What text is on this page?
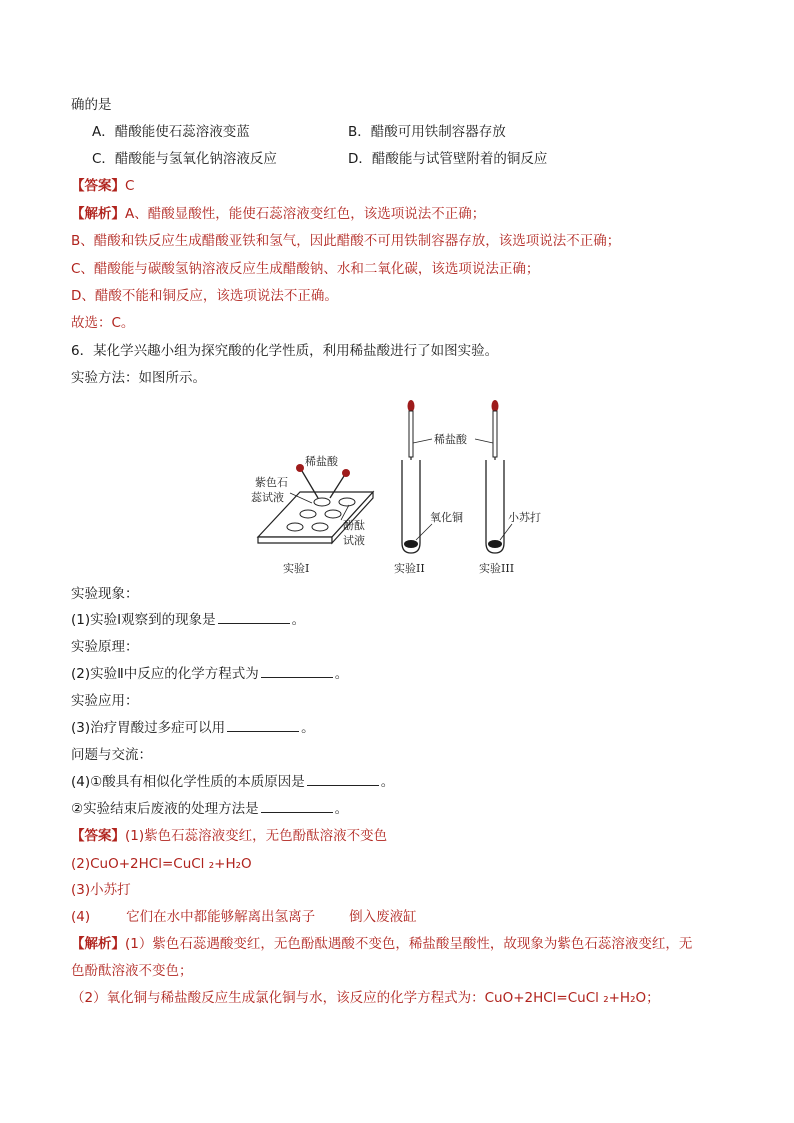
确的是
A．醋酸能使石蕊溶液变蓝	B．醋酸可用铁制容器存放
C．醋酸能与氢氧化钠溶液反应	D．醋酸能与试管壁附着的铜反应
【答案】C
【解析】A、醋酸显酸性，能使石蕊溶液变红色，该选项说法不正确；
B、醋酸和铁反应生成醋酸亚铁和氢气，因此醋酸不可用铁制容器存放，该选项说法不正确；
C、醋酸能与碳酸氢钠溶液反应生成醋酸钠、水和二氧化碳，该选项说法正确；
D、醋酸不能和铜反应，该选项说法不正确。
故选：C。
6．某化学兴趣小组为探究酸的化学性质，利用稀盐酸进行了如图实验。
实验方法：如图所示。
稀盐酸
紫色石
蕊试液
酚酞
试液
实验I
稀盐酸
氧化铜
实验II
小苏打
实验III
实验现象：
(1)实验Ⅰ观察到的现象是	。
实验原理：
(2)实验Ⅱ中反应的化学方程式为	。
实验应用：
(3)治疗胃酸过多症可以用	。
问题与交流：
(4)①酸具有相似化学性质的本质原因是	。
②实验结束后废液的处理方法是	。
【答案】(1)紫色石蕊溶液变红，无色酚酞溶液不变色
(2)CuO+2HCl=CuCl ₂+H₂O
(3)小苏打
(4)	它们在水中都能够解离出氢离子	倒入废液缸
【解析】(1）紫色石蕊遇酸变红，无色酚酞遇酸不变色，稀盐酸呈酸性，故现象为紫色石蕊溶液变红，无
色酚酞溶液不变色；
（2）氧化铜与稀盐酸反应生成氯化铜与水，该反应的化学方程式为：CuO+2HCl=CuCl ₂+H₂O；
